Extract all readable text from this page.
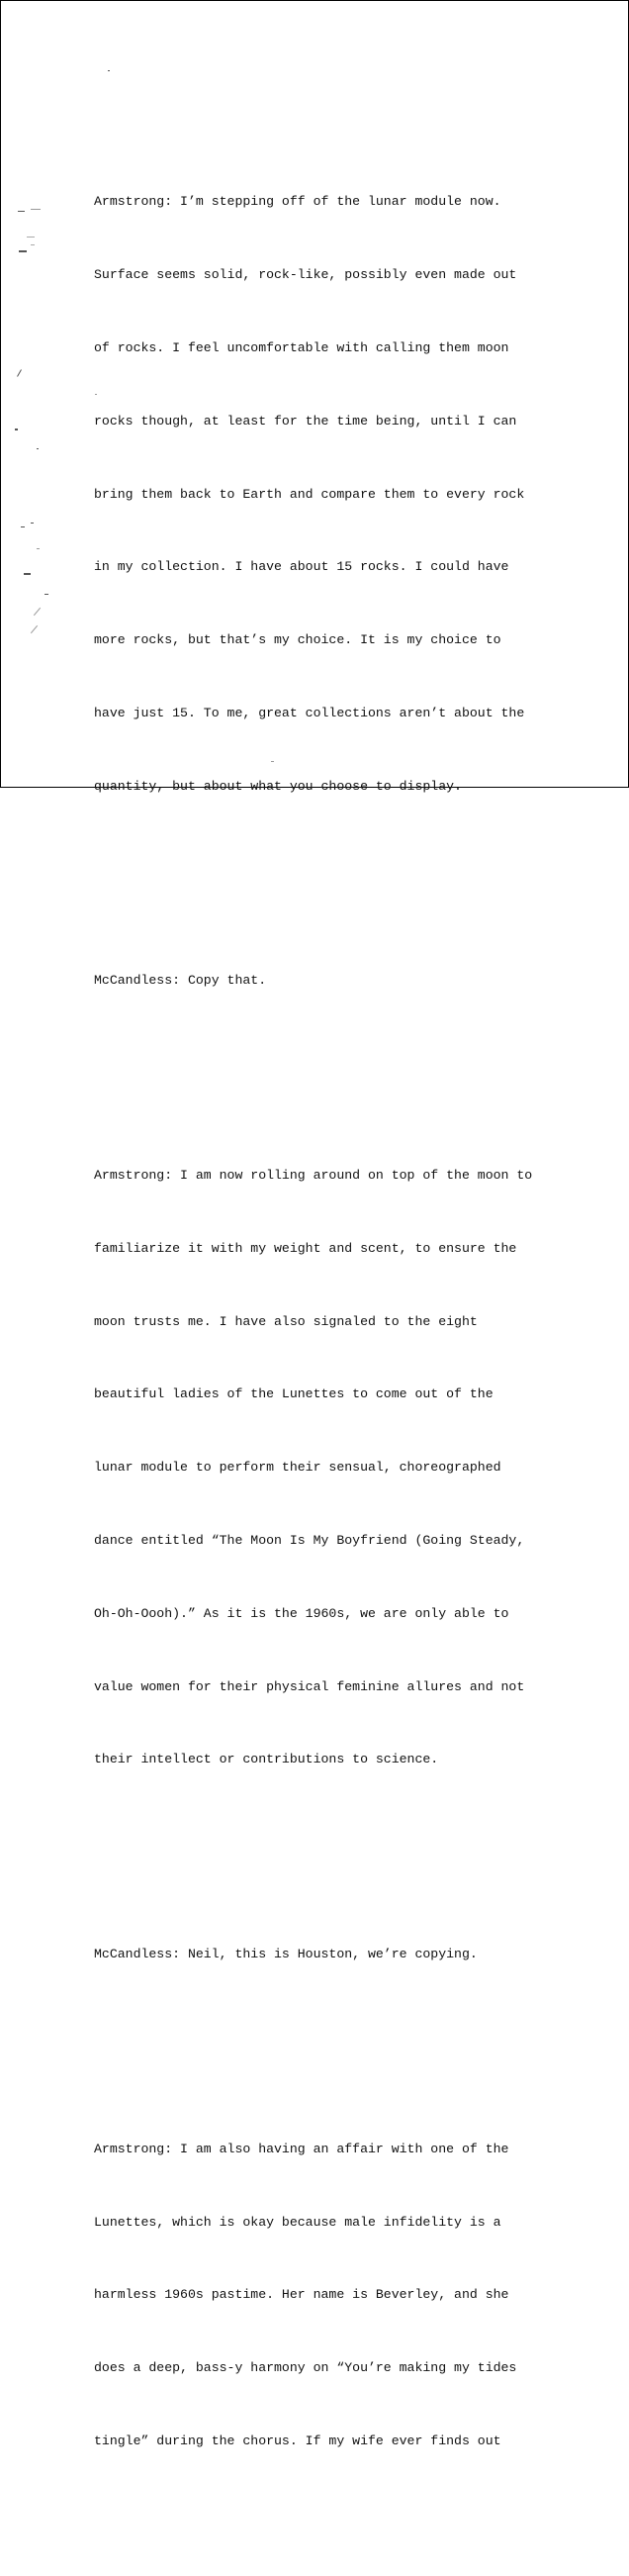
Armstrong: I’m stepping off of the lunar module now.

Surface seems solid, rock-like, possibly even made out

of rocks. I feel uncomfortable with calling them moon

rocks though, at least for the time being, until I can

bring them back to Earth and compare them to every rock

in my collection. I have about 15 rocks. I could have

more rocks, but that’s my choice. It is my choice to

have just 15. To me, great collections aren’t about the

quantity, but about what you choose to display.

McCandless: Copy that.

Armstrong: I am now rolling around on top of the moon to

familiarize it with my weight and scent, to ensure the

moon trusts me. I have also signaled to the eight

beautiful ladies of the Lunettes to come out of the

lunar module to perform their sensual, choreographed

dance entitled “The Moon Is My Boyfriend (Going Steady,

Oh-Oh-Oooh).” As it is the 1960s, we are only able to

value women for their physical feminine allures and not

their intellect or contributions to science.

McCandless: Neil, this is Houston, we’re copying.

Armstrong: I am also having an affair with one of the

Lunettes, which is okay because male infidelity is a

harmless 1960s pastime. Her name is Beverley, and she

does a deep, bass-y harmony on “You’re making my tides

tingle” during the chorus. If my wife ever finds out
